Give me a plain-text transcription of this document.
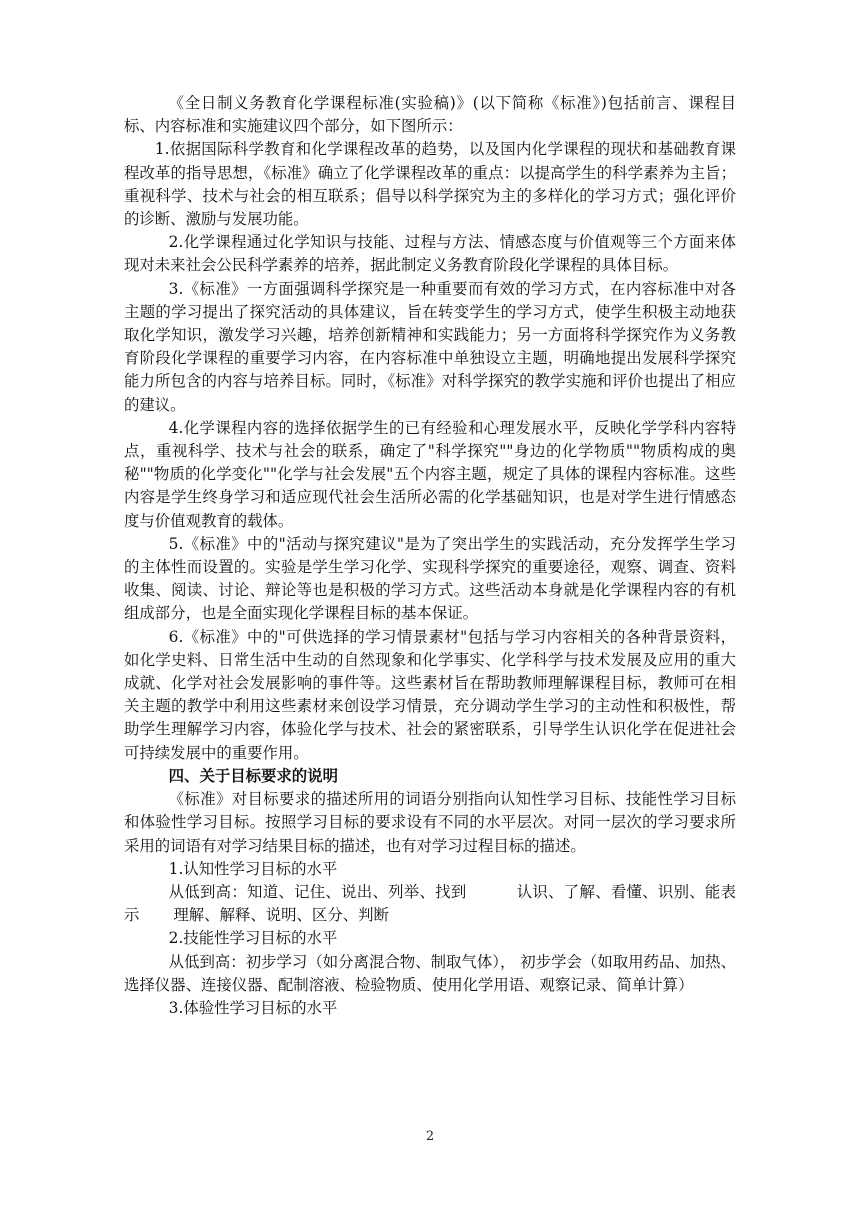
《全日制义务教育化学课程标准(实验稿)》(以下简称《标准》)包括前言、课程目标、内容标准和实施建议四个部分，如下图所示：

1.依据国际科学教育和化学课程改革的趋势，以及国内化学课程的现状和基础教育课程改革的指导思想，《标准》确立了化学课程改革的重点：以提高学生的科学素养为主旨；重视科学、技术与社会的相互联系；倡导以科学探究为主的多样化的学习方式；强化评价的诊断、激励与发展功能。

2.化学课程通过化学知识与技能、过程与方法、情感态度与价值观等三个方面来体现对未来社会公民科学素养的培养，据此制定义务教育阶段化学课程的具体目标。

3.《标准》一方面强调科学探究是一种重要而有效的学习方式，在内容标准中对各主题的学习提出了探究活动的具体建议，旨在转变学生的学习方式，使学生积极主动地获取化学知识，激发学习兴趣，培养创新精神和实践能力；另一方面将科学探究作为义务教育阶段化学课程的重要学习内容，在内容标准中单独设立主题，明确地提出发展科学探究能力所包含的内容与培养目标。同时，《标准》对科学探究的教学实施和评价也提出了相应的建议。

4.化学课程内容的选择依据学生的已有经验和心理发展水平，反映化学学科内容特点，重视科学、技术与社会的联系，确定了"科学探究""身边的化学物质""物质构成的奥秘""物质的化学变化""化学与社会发展"五个内容主题，规定了具体的课程内容标准。这些内容是学生终身学习和适应现代社会生活所必需的化学基础知识，也是对学生进行情感态度与价值观教育的载体。

5.《标准》中的"活动与探究建议"是为了突出学生的实践活动，充分发挥学生学习的主体性而设置的。实验是学生学习化学、实现科学探究的重要途径，观察、调查、资料收集、阅读、讨论、辩论等也是积极的学习方式。这些活动本身就是化学课程内容的有机组成部分，也是全面实现化学课程目标的基本保证。

6.《标准》中的"可供选择的学习情景素材"包括与学习内容相关的各种背景资料，如化学史料、日常生活中生动的自然现象和化学事实、化学科学与技术发展及应用的重大成就、化学对社会发展影响的事件等。这些素材旨在帮助教师理解课程目标，教师可在相关主题的教学中利用这些素材来创设学习情景，充分调动学生学习的主动性和积极性，帮助学生理解学习内容，体验化学与技术、社会的紧密联系，引导学生认识化学在促进社会可持续发展中的重要作用。

四、关于目标要求的说明

《标准》对目标要求的描述所用的词语分别指向认知性学习目标、技能性学习目标和体验性学习目标。按照学习目标的要求设有不同的水平层次。对同一层次的学习要求所采用的词语有对学习结果目标的描述，也有对学习过程目标的描述。

1.认知性学习目标的水平

从低到高：知道、记住、说出、列举、找到	认识、了解、看懂、识别、能表示 理解、解释、说明、区分、判断

2.技能性学习目标的水平

从低到高：初步学习（如分离混合物、制取气体）， 初步学会（如取用药品、加热、选择仪器、连接仪器、配制溶液、检验物质、使用化学用语、观察记录、简单计算）

3.体验性学习目标的水平

2
